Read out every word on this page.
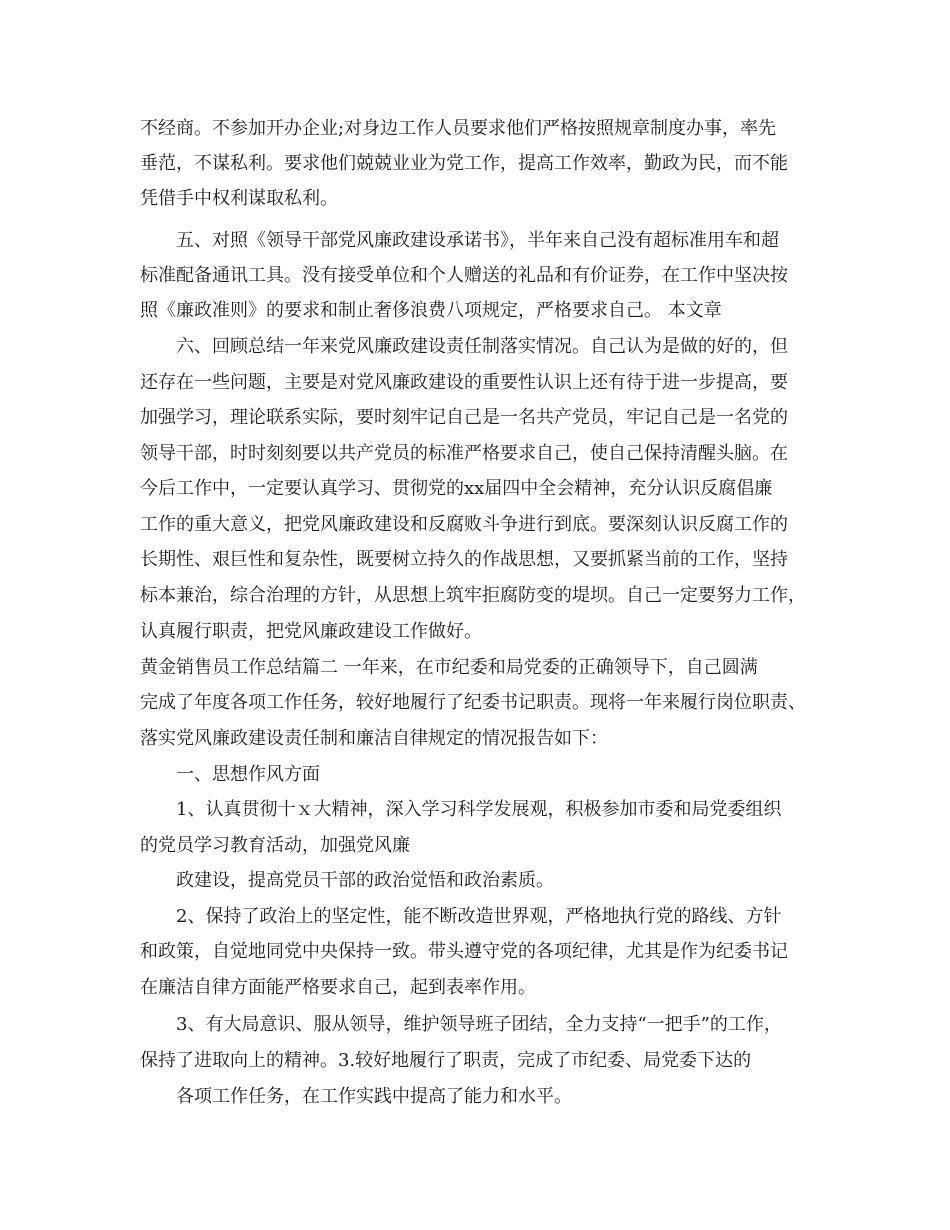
不经商。不参加开办企业;对身边工作人员要求他们严格按照规章制度办事，率先
垂范，不谋私利。要求他们兢兢业业为党工作，提高工作效率，勤政为民，而不能
凭借手中权利谋取私利。
五、对照《领导干部党风廉政建设承诺书》，半年来自己没有超标准用车和超
标准配备通讯工具。没有接受单位和个人赠送的礼品和有价证券，在工作中坚决按
照《廉政准则》的要求和制止奢侈浪费八项规定，严格要求自己。 本文章
六、回顾总结一年来党风廉政建设责任制落实情况。自己认为是做的好的，但
还存在一些问题，主要是对党风廉政建设的重要性认识上还有待于进一步提高，要
加强学习，理论联系实际，要时刻牢记自己是一名共产党员，牢记自己是一名党的
领导干部，时时刻刻要以共产党员的标准严格要求自己，使自己保持清醒头脑。在
今后工作中，一定要认真学习、贯彻党的xx届四中全会精神，充分认识反腐倡廉
工作的重大意义，把党风廉政建设和反腐败斗争进行到底。要深刻认识反腐工作的
长期性、艰巨性和复杂性，既要树立持久的作战思想，又要抓紧当前的工作，坚持
标本兼治，综合治理的方针，从思想上筑牢拒腐防变的堤坝。自己一定要努力工作，
认真履行职责，把党风廉政建设工作做好。
黄金销售员工作总结篇二 一年来，在市纪委和局党委的正确领导下，自己圆满
完成了年度各项工作任务，较好地履行了纪委书记职责。现将一年来履行岗位职责、
落实党风廉政建设责任制和廉洁自律规定的情况报告如下：
一、思想作风方面
1、认真贯彻十ｘ大精神，深入学习科学发展观，积极参加市委和局党委组织
的党员学习教育活动，加强党风廉
政建设，提高党员干部的政治觉悟和政治素质。
2、保持了政治上的坚定性，能不断改造世界观，严格地执行党的路线、方针
和政策，自觉地同党中央保持一致。带头遵守党的各项纪律，尤其是作为纪委书记
在廉洁自律方面能严格要求自己，起到表率作用。
3、有大局意识、服从领导，维护领导班子团结，全力支持“一把手”的工作，
保持了进取向上的精神。3.较好地履行了职责，完成了市纪委、局党委下达的
各项工作任务，在工作实践中提高了能力和水平。
